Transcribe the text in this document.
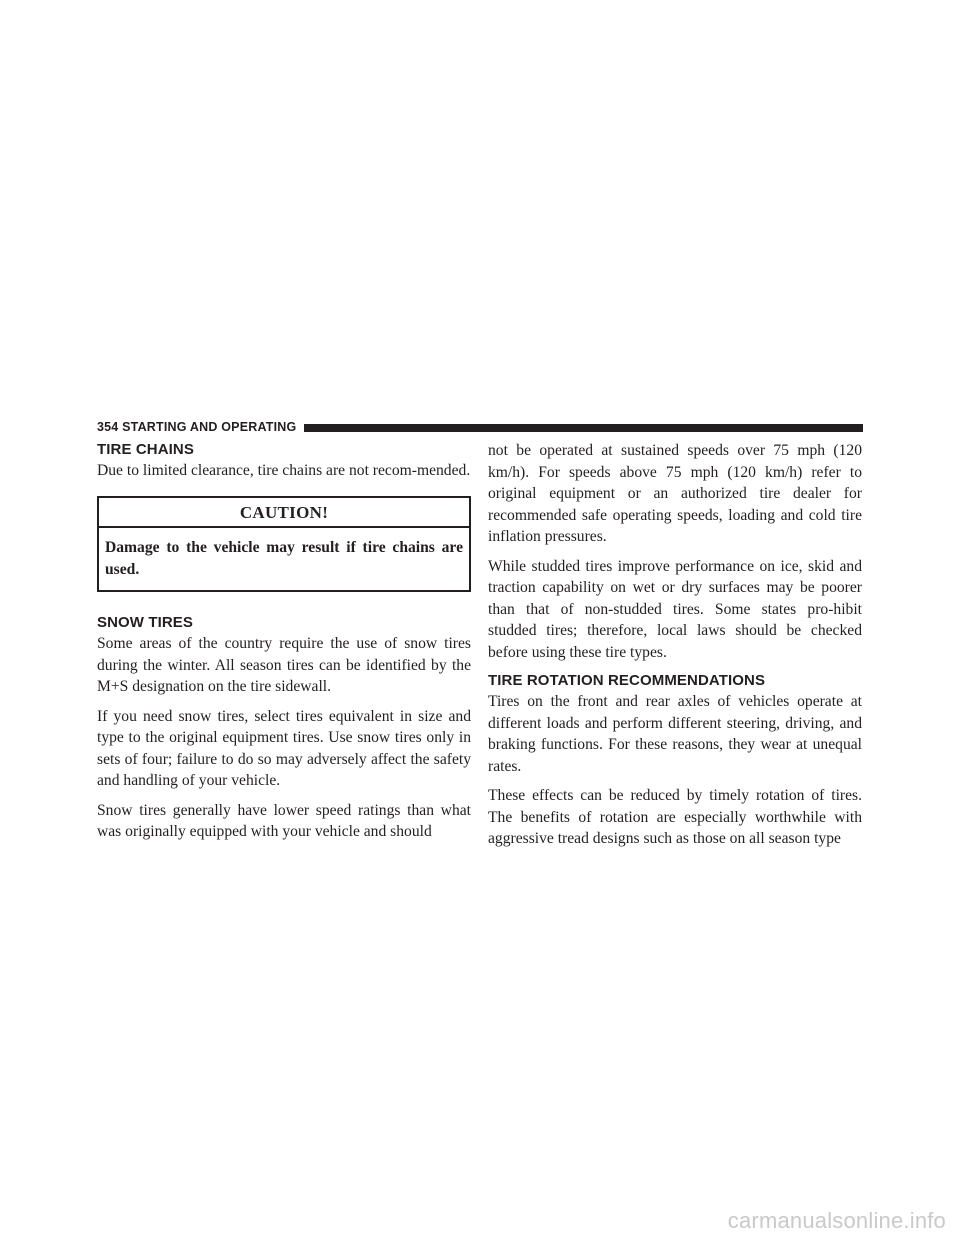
354 STARTING AND OPERATING
TIRE CHAINS

Due to limited clearance, tire chains are not recom-mended.

CAUTION!
Damage to the vehicle may result if tire chains are used.
SNOW TIRES

Some areas of the country require the use of snow tires during the winter. All season tires can be identified by the M+S designation on the tire sidewall.

If you need snow tires, select tires equivalent in size and type to the original equipment tires. Use snow tires only in sets of four; failure to do so may adversely affect the safety and handling of your vehicle.

Snow tires generally have lower speed ratings than what was originally equipped with your vehicle and should

not be operated at sustained speeds over 75 mph (120 km/h). For speeds above 75 mph (120 km/h) refer to original equipment or an authorized tire dealer for recommended safe operating speeds, loading and cold tire inflation pressures.

While studded tires improve performance on ice, skid and traction capability on wet or dry surfaces may be poorer than that of non-studded tires. Some states pro-hibit studded tires; therefore, local laws should be checked before using these tire types.

TIRE ROTATION RECOMMENDATIONS

Tires on the front and rear axles of vehicles operate at different loads and perform different steering, driving, and braking functions. For these reasons, they wear at unequal rates.

These effects can be reduced by timely rotation of tires. The benefits of rotation are especially worthwhile with aggressive tread designs such as those on all season type

carmanualsonline.info
